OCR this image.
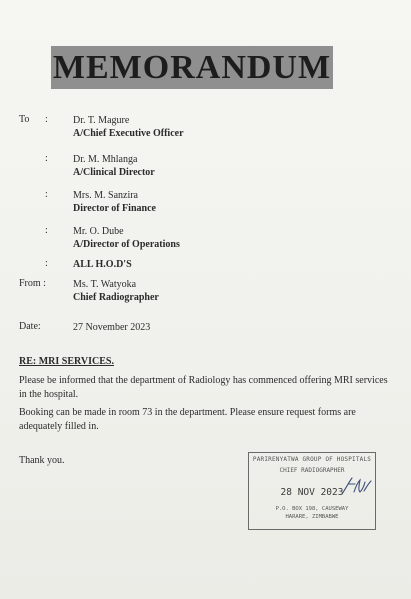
MEMORANDUM
To :	Dr. T. Magure
A/Chief Executive Officer
:	Dr. M. Mhlanga
A/Clinical Director
:	Mrs. M. Sanzira
Director of Finance
:	Mr. O. Dube
A/Director of Operations
:	ALL H.O.D'S
From :	Ms. T. Watyoka
Chief Radiographer
Date:	27 November 2023
RE: MRI SERVICES.
Please be informed that the department of Radiology has commenced offering MRI services in the hospital.
Booking can be made in room 73 in the department. Please ensure request forms are adequately filled in.
Thank you.	PARIRENYATWA GROUP OF HOSPITALS
CHIEF RADIOGRAPHER
28 NOV 2023
P.O. BOX 198, CAUSEWAY
HARARE, ZIMBABWE
